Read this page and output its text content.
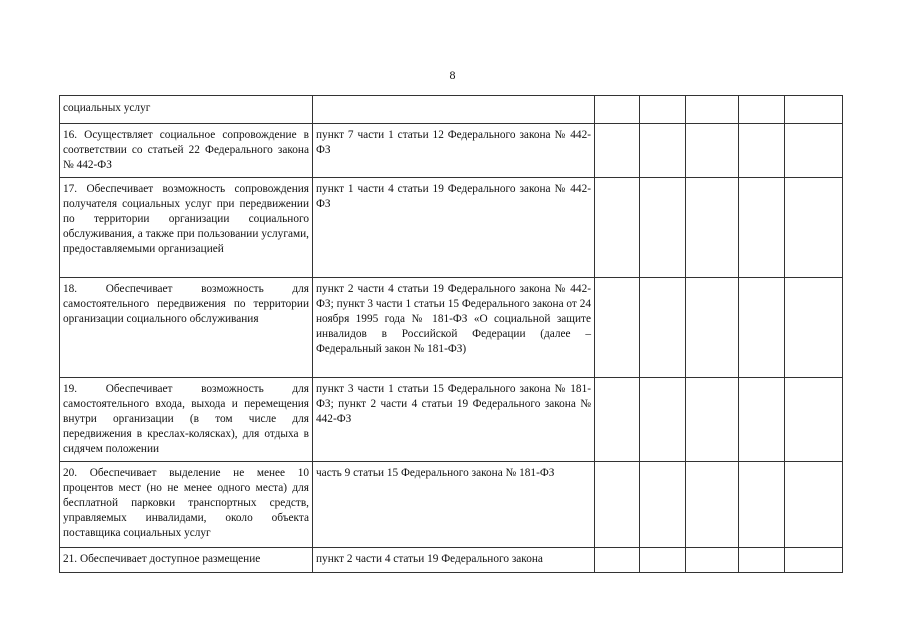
8
социальных услуг						
16. Осуществляет социальное сопровождение в соответствии со статьей 22 Федерального закона № 442-ФЗ	пункт 7 части 1 статьи 12 Федерального закона № 442-ФЗ					
17. Обеспечивает возможность сопровождения получателя социальных услуг при передвижении по территории организации социального обслуживания, а также при пользовании услугами, предоставляемыми организацией	пункт 1 части 4 статьи 19 Федерального закона № 442-ФЗ					
18. Обеспечивает возможность для самостоятельного передвижения по территории организации социального обслуживания	пункт 2 части 4 статьи 19 Федерального закона № 442-ФЗ; пункт 3 части 1 статьи 15 Федерального закона от 24 ноября 1995 года № 181-ФЗ «О социальной защите инвалидов в Российской Федерации (далее – Федеральный закон № 181-ФЗ)					
19. Обеспечивает возможность для самостоятельного входа, выхода и перемещения внутри организации (в том числе для передвижения в креслах-колясках), для отдыха в сидячем положении	пункт 3 части 1 статьи 15 Федерального закона № 181-ФЗ; пункт 2 части 4 статьи 19 Федерального закона № 442-ФЗ					
20. Обеспечивает выделение не менее 10 процентов мест (но не менее одного места) для бесплатной парковки транспортных средств, управляемых инвалидами, около объекта поставщика социальных услуг	часть 9 статьи 15 Федерального закона № 181-ФЗ					
21. Обеспечивает доступное размещение	пункт 2 части 4 статьи 19 Федерального закона					
